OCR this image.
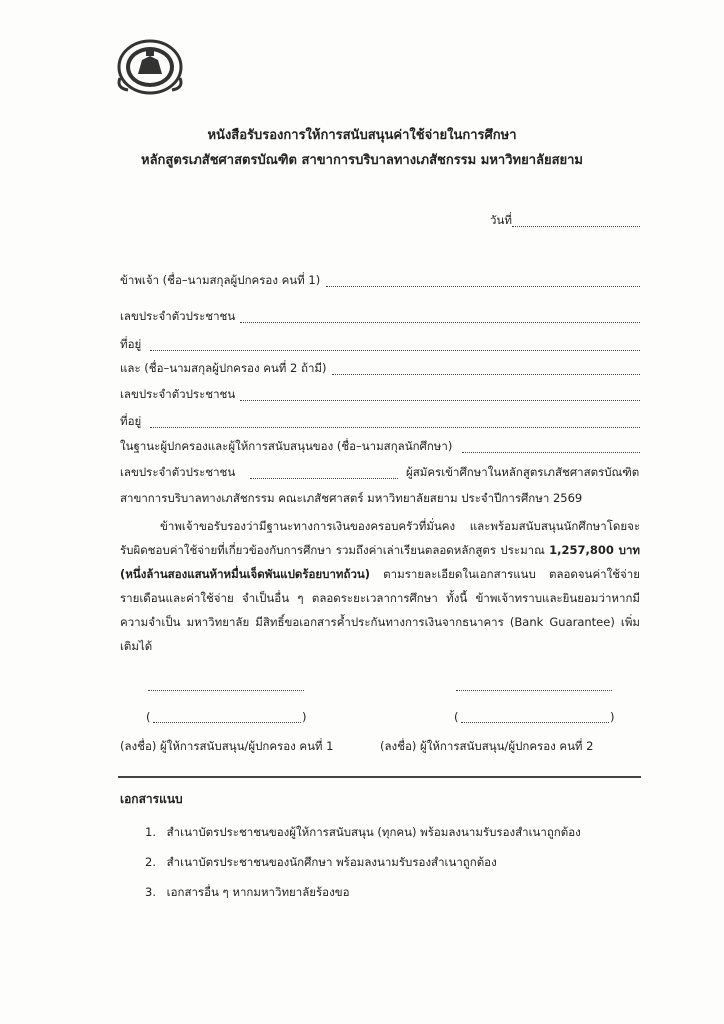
หนังสือรับรองการให้การสนับสนุนค่าใช้จ่ายในการศึกษา
หลักสูตรเภสัชศาสตรบัณฑิต สาขาการบริบาลทางเภสัชกรรม มหาวิทยาลัยสยาม
วันที่
ข้าพเจ้า (ชื่อ–นามสกุลผู้ปกครอง คนที่ 1)
เลขประจำตัวประชาชน
ที่อยู่
และ (ชื่อ–นามสกุลผู้ปกครอง คนที่ 2 ถ้ามี)
เลขประจำตัวประชาชน
ที่อยู่
ในฐานะผู้ปกครองและผู้ให้การสนับสนุนของ (ชื่อ–นามสกุลนักศึกษา)
เลขประจำตัวประชาชน	ผู้สมัครเข้าศึกษาในหลักสูตรเภสัชศาสตรบัณฑิต
สาขาการบริบาลทางเภสัชกรรม คณะเภสัชศาสตร์ มหาวิทยาลัยสยาม ประจำปีการศึกษา 2569
ข้าพเจ้าขอรับรองว่ามีฐานะทางการเงินของครอบครัวที่มั่นคง และพร้อมสนับสนุนนักศึกษาโดยจะรับผิดชอบค่าใช้จ่ายที่เกี่ยวข้องกับการศึกษา รวมถึงค่าเล่าเรียนตลอดหลักสูตร ประมาณ 1,257,800 บาท (หนึ่งล้านสองแสนห้าหมื่นเจ็ดพันแปดร้อยบาทถ้วน) ตามรายละเอียดในเอกสารแนบ ตลอดจนค่าใช้จ่ายรายเดือนและค่าใช้จ่าย จำเป็นอื่น ๆ ตลอดระยะเวลาการศึกษา ทั้งนี้ ข้าพเจ้าทราบและยินยอมว่าหากมีความจำเป็น มหาวิทยาลัย มีสิทธิ์ขอเอกสารค้ำประกันทางการเงินจากธนาคาร (Bank Guarantee) เพิ่มเติมได้
(	)	(	)
(ลงชื่อ) ผู้ให้การสนับสนุน/ผู้ปกครอง คนที่ 1	(ลงชื่อ) ผู้ให้การสนับสนุน/ผู้ปกครอง คนที่ 2
เอกสารแนบ
1. สำเนาบัตรประชาชนของผู้ให้การสนับสนุน (ทุกคน) พร้อมลงนามรับรองสำเนาถูกต้อง
2. สำเนาบัตรประชาชนของนักศึกษา พร้อมลงนามรับรองสำเนาถูกต้อง
3. เอกสารอื่น ๆ หากมหาวิทยาลัยร้องขอ
